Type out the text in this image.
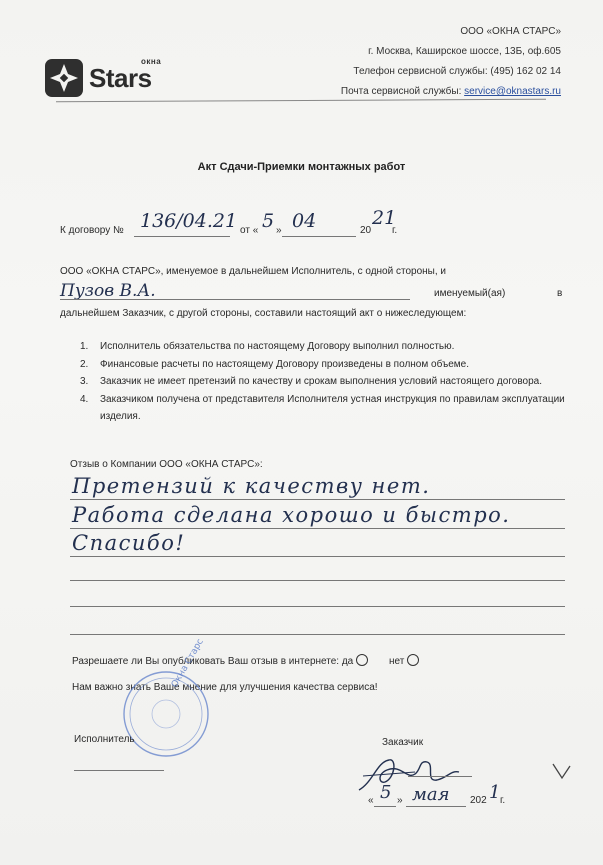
окна
Stars
ООО «ОКНА СТАРС»
г. Москва, Каширское шоссе, 13Б, оф.605
Телефон сервисной службы: (495) 162 02 14
Почта сервисной службы: service@oknastars.ru
Акт Сдачи-Приемки монтажных работ
К договору № 136/04.21 от « 5 » 04	20
21
г.
ООО «ОКНА СТАРС», именуемое в дальнейшем Исполнитель, с одной стороны, и
Пузов В.А.	именуемый(ая)	в
дальнейшем Заказчик, с другой стороны, составили настоящий акт о нижеследующем:
1.	Исполнитель обязательства по настоящему Договору выполнил полностью.
2.	Финансовые расчеты по настоящему Договору произведены в полном объеме.
3.	Заказчик не имеет претензий по качеству и срокам выполнения условий настоящего договора.
4.	Заказчиком получена от представителя Исполнителя устная инструкция по правилам эксплуатации изделия.
Отзыв о Компании ООО «ОКНА СТАРС»:
Претензий к качеству нет.
Работа сделана хорошо и быстро.
Спасибо!
Разрешаете ли Вы опубликовать Ваш отзыв в интернете: да	нет
Нам важно знать Ваше мнение для улучшения качества сервиса!
Окна Старс
Исполнитель	Заказчик
« 5 » мая 202 1 г.
